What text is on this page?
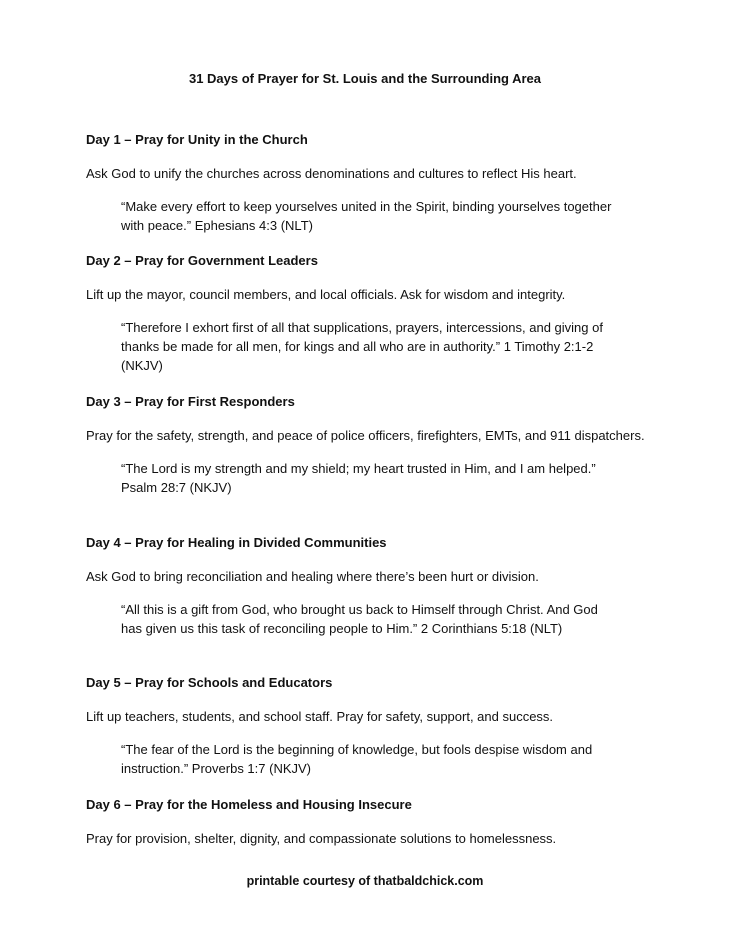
31 Days of Prayer for St. Louis and the Surrounding Area
Day 1 – Pray for Unity in the Church

Ask God to unify the churches across denominations and cultures to reflect His heart.

“Make every effort to keep yourselves united in the Spirit, binding yourselves together with peace.” Ephesians 4:3 (NLT)

Day 2 – Pray for Government Leaders

Lift up the mayor, council members, and local officials. Ask for wisdom and integrity.

“Therefore I exhort first of all that supplications, prayers, intercessions, and giving of thanks be made for all men, for kings and all who are in authority.” 1 Timothy 2:1-2 (NKJV)

Day 3 – Pray for First Responders

Pray for the safety, strength, and peace of police officers, firefighters, EMTs, and 911 dispatchers.

“The Lord is my strength and my shield; my heart trusted in Him, and I am helped.” Psalm 28:7 (NKJV)

Day 4 – Pray for Healing in Divided Communities

Ask God to bring reconciliation and healing where there’s been hurt or division.

“All this is a gift from God, who brought us back to Himself through Christ. And God has given us this task of reconciling people to Him.” 2 Corinthians 5:18 (NLT)

Day 5 – Pray for Schools and Educators

Lift up teachers, students, and school staff. Pray for safety, support, and success.

“The fear of the Lord is the beginning of knowledge, but fools despise wisdom and instruction.” Proverbs 1:7 (NKJV)

Day 6 – Pray for the Homeless and Housing Insecure

Pray for provision, shelter, dignity, and compassionate solutions to homelessness.

printable courtesy of thatbaldchick.com
